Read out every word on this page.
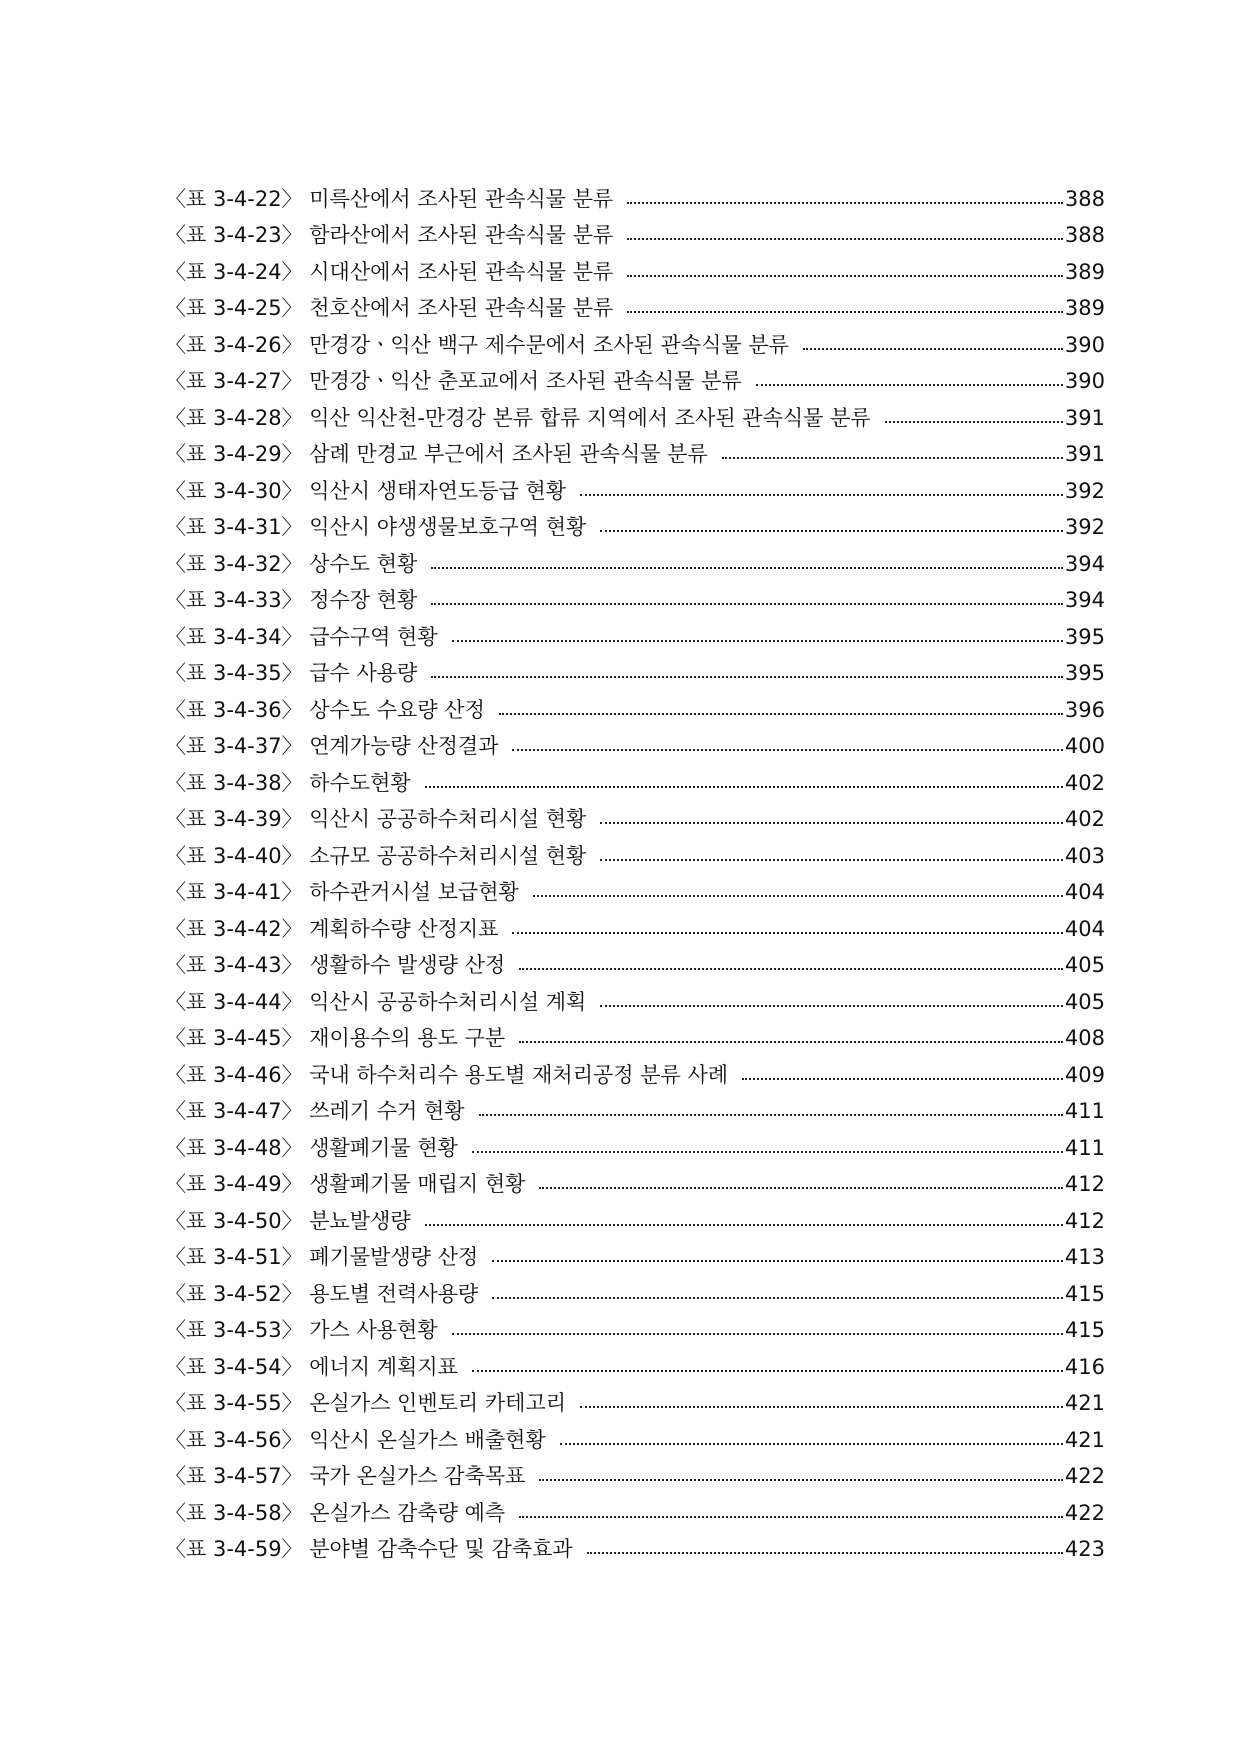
〈표 3-4-22〉 미륵산에서 조사된 관속식물 분류	388
〈표 3-4-23〉 함라산에서 조사된 관속식물 분류	388
〈표 3-4-24〉 시대산에서 조사된 관속식물 분류	389
〈표 3-4-25〉 천호산에서 조사된 관속식물 분류	389
〈표 3-4-26〉 만경강ㆍ익산 백구 제수문에서 조사된 관속식물 분류	390
〈표 3-4-27〉 만경강ㆍ익산 춘포교에서 조사된 관속식물 분류	390
〈표 3-4-28〉 익산 익산천-만경강 본류 합류 지역에서 조사된 관속식물 분류	391
〈표 3-4-29〉 삼례 만경교 부근에서 조사된 관속식물 분류	391
〈표 3-4-30〉 익산시 생태자연도등급 현황	392
〈표 3-4-31〉 익산시 야생생물보호구역 현황	392
〈표 3-4-32〉 상수도 현황	394
〈표 3-4-33〉 정수장 현황	394
〈표 3-4-34〉 급수구역 현황	395
〈표 3-4-35〉 급수 사용량	395
〈표 3-4-36〉 상수도 수요량 산정	396
〈표 3-4-37〉 연계가능량 산정결과	400
〈표 3-4-38〉 하수도현황	402
〈표 3-4-39〉 익산시 공공하수처리시설 현황	402
〈표 3-4-40〉 소규모 공공하수처리시설 현황	403
〈표 3-4-41〉 하수관거시설 보급현황	404
〈표 3-4-42〉 계획하수량 산정지표	404
〈표 3-4-43〉 생활하수 발생량 산정	405
〈표 3-4-44〉 익산시 공공하수처리시설 계획	405
〈표 3-4-45〉 재이용수의 용도 구분	408
〈표 3-4-46〉 국내 하수처리수 용도별 재처리공정 분류 사례	409
〈표 3-4-47〉 쓰레기 수거 현황	411
〈표 3-4-48〉 생활폐기물 현황	411
〈표 3-4-49〉 생활폐기물 매립지 현황	412
〈표 3-4-50〉 분뇨발생량	412
〈표 3-4-51〉 폐기물발생량 산정	413
〈표 3-4-52〉 용도별 전력사용량	415
〈표 3-4-53〉 가스 사용현황	415
〈표 3-4-54〉 에너지 계획지표	416
〈표 3-4-55〉 온실가스 인벤토리 카테고리	421
〈표 3-4-56〉 익산시 온실가스 배출현황	421
〈표 3-4-57〉 국가 온실가스 감축목표	422
〈표 3-4-58〉 온실가스 감축량 예측	422
〈표 3-4-59〉 분야별 감축수단 및 감축효과	423
